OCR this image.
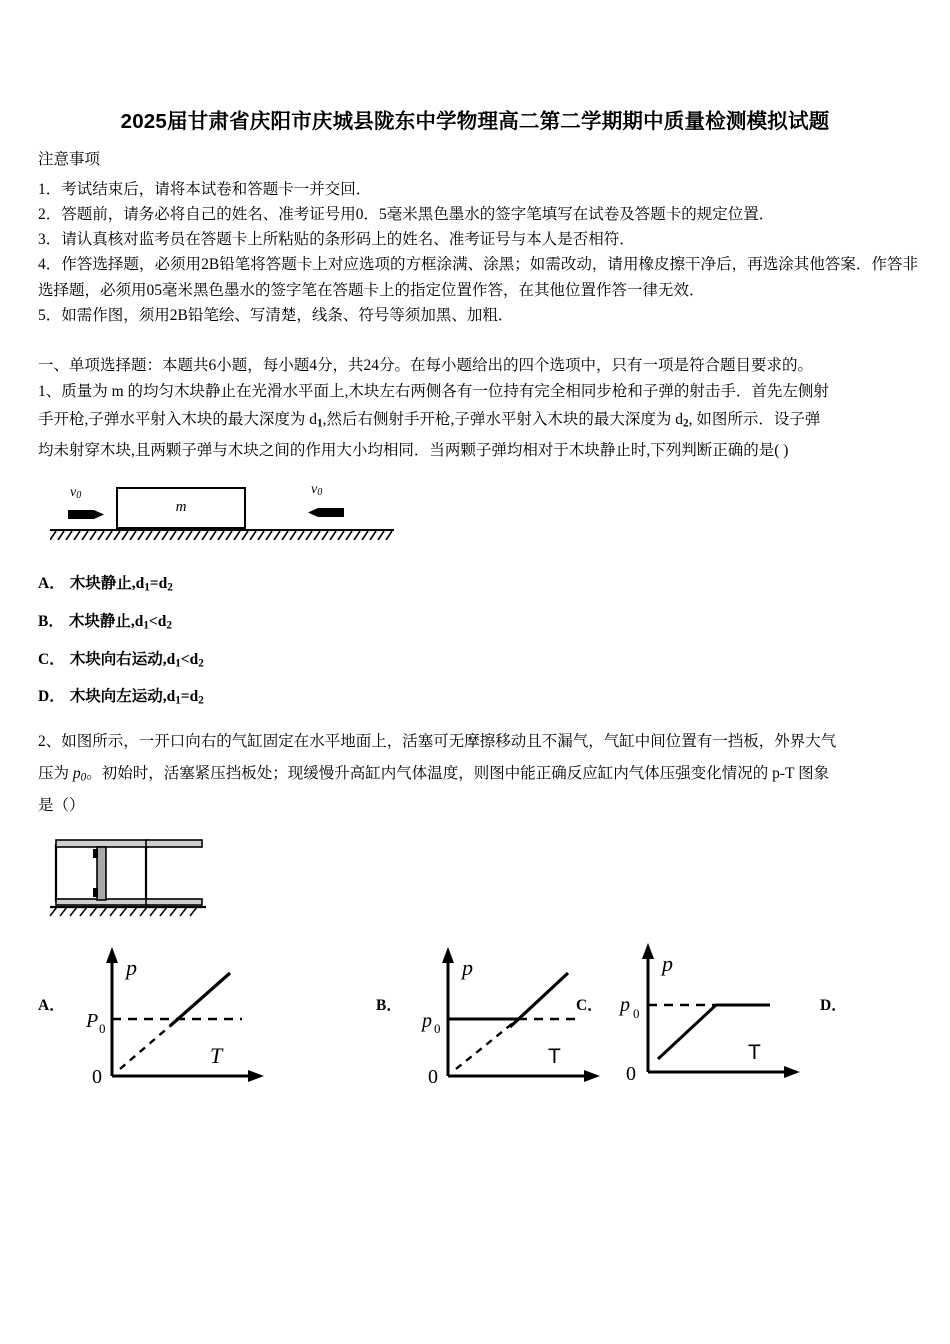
2025届甘肃省庆阳市庆城县陇东中学物理高二第二学期期中质量检测模拟试题
注意事项
1．考试结束后，请将本试卷和答题卡一并交回．
2．答题前，请务必将自己的姓名、准考证号用0．5毫米黑色墨水的签字笔填写在试卷及答题卡的规定位置．
3．请认真核对监考员在答题卡上所粘贴的条形码上的姓名、准考证号与本人是否相符．
4．作答选择题，必须用2B铅笔将答题卡上对应选项的方框涂满、涂黑；如需改动，请用橡皮擦干净后，再选涂其他答案．作答非选择题，必须用05毫米黑色墨水的签字笔在答题卡上的指定位置作答，在其他位置作答一律无效．
5．如需作图，须用2B铅笔绘、写清楚，线条、符号等须加黑、加粗．
一、单项选择题：本题共6小题，每小题4分，共24分。在每小题给出的四个选项中，只有一项是符合题目要求的。
1、质量为 m 的均匀木块静止在光滑水平面上,木块左右两侧各有一位持有完全相同步枪和子弹的射击手．首先左侧射
手开枪,子弹水平射入木块的最大深度为 $d_1$,然后右侧射手开枪,子弹水平射入木块的最大深度为 $d_2$, 如图所示．设子弹
均未射穿木块,且两颗子弹与木块之间的作用大小均相同．当两颗子弹均相对于木块静止时,下列判断正确的是( )
m
$v_0$	$v_0$
A． 木块静止$,d_1=d_2$
B． 木块静止$,d_1<d_2$
C． 木块向右运动$,d_1<d_2$
D． 木块向左运动$,d_1=d_2$
2、如图所示，一开口向右的气缸固定在水平地面上，活塞可无摩擦移动且不漏气，气缸中间位置有一挡板，外界大气
压为 $p_0$。初始时，活塞紧压挡板处；现缓慢升高缸内气体温度，则图中能正确反应缸内气体压强变化情况的 p‑T 图象
是（）
A．
p
T
P 0
0
B．
p
T
p 0
0
C．
p
T
p 0
0
D．
